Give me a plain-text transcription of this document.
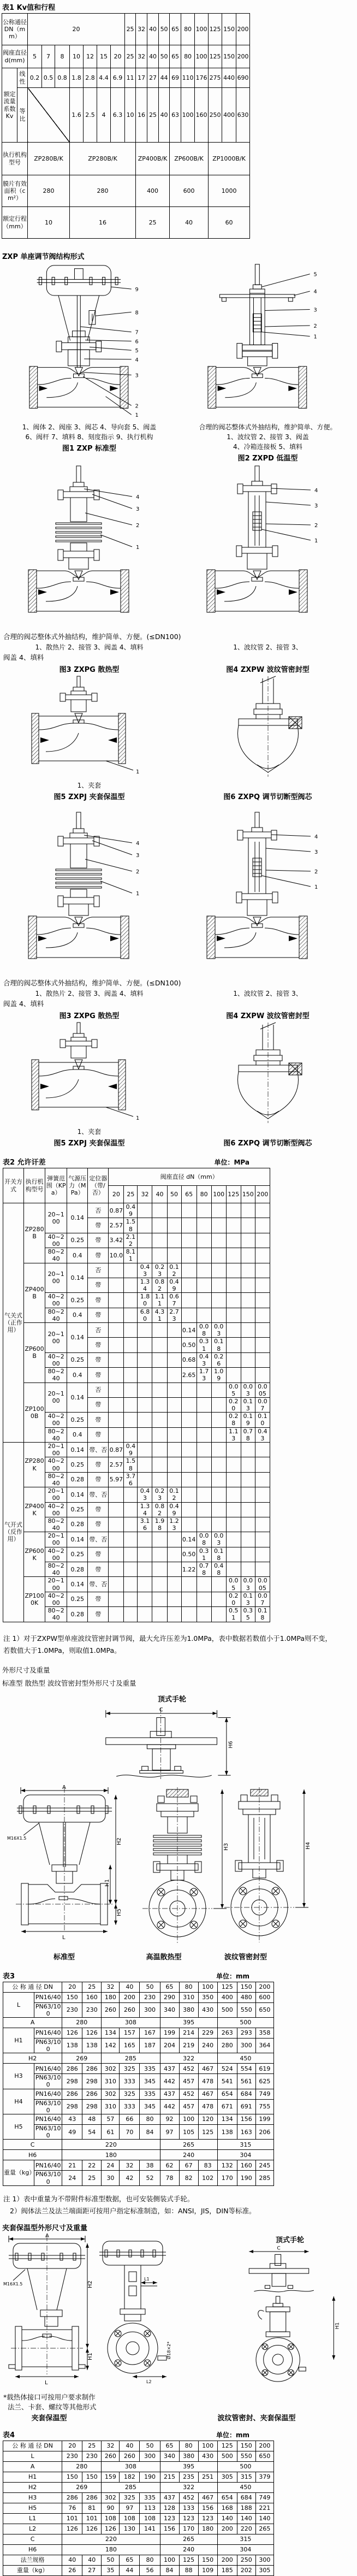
表1 Kv值和行程
公称通径DN（mm）		20							25	32	40	50	65	80	100	125	150	200
阀座直径d(mm)		5	7	8	10	12	15	20	25	32	40	50	65	80	100	125	150	200
额定流量系数Kv	线性	0.2	0.5	0.8	1.8	2.8	4.4	6.9	11	17	27	44	69	110	176	275	440	690
	等比				1.6	2.5	4	6.3	10	16	25	40	63	100	160	250	400	630
执行机构型号		ZP280B/K			ZP280B/K					ZP400B/K			ZP600B/K			ZP1000B/K		
膜片有效面积（cm²）		280			280					400			600			1000		
额定行程（mm）		10			16					25			40			60		
ZXP 单座调节阀结构形式
9
8
7
6
5
4
3
2
1

1、阀体 2、阀座 3、阀芯 4、导向套 5、阀盖

6、阀杆 7、填料 8、刻度指示 9、执行机构

图1 ZXP 标准型

5
4
3
2
1

合理的阀芯整体式外抽结构，维护简单、方便。

1、波纹管 2、接管 3、阀盖

4、冷箱连接板 5、填料

图2 ZXPD 低温型

4
3
2
1
4
3
2
1

合理的阀芯整体式外抽结构，维护简单、方便。(≤DN100)

1、散热片 2、接管 3、阀盖 4、填料	1、波纹管 2、接管 3、

阀盖 4、填料

图3 ZXPG 散热型	图4 ZXPW 波纹管密封型

1

1、夹套

图5 ZXPJ 夹套保温型	图6 ZXPQ 调节切断型阀芯

4
3
2
1
4
3
2
1

合理的阀芯整体式外抽结构，维护简单、方便。(≤DN100)

1、散热片 2、接管 3、阀盖 4、填料	1、波纹管 2、接管 3、

阀盖 4、填料

图3 ZXPG 散热型	图4 ZXPW 波纹管密封型

1

1、夹套

图5 ZXPJ 夹套保温型	图6 ZXPQ 调节切断型阀芯

表2 允许讦差	单位：MPa
开关方式	执行机构型号	弹簧范围（KPa）	气源压力（MPa）	定位器（带/否）	阀座直径 dN（mm）										
					20	25	32	40	50	65	80	100	125	150	200
气关式（正作用）	ZP280B	20~100	0.14	否	0.87	0.49									
				带	2.57	1.58									
		40~200	0.25	带	3.42	2.12									
		80~240	0.4	带	10.0	8.11									
	ZP400B	20~100	0.14	否			0.43	0.23	0.12						
				带			1.34	0.82	0.49						
		40~200	0.25	带			1.80	1.11	0.67						
		80~240	0.4	带			6.80	4.31	2.73						
	ZP600B	20~100	0.14	否						0.14	0.08	0.03			
				带						0.50	0.31	0.18			
		40~200	0.25	带						0.68	0.43	0.26			
		80~240	0.4	带						2.65	1.73	1.09			
	ZP1000B	20~100	0.14	否									0.05	0.03	0.005
				带									0.20	0.13	0.07
		40~200	0.25	带									0.28	0.19	0.10
		80~240	0.4	带									1.13	0.78	0.43
气开式（反作用）	ZP280K	20~100	0.14	带、否	0.87	0.49									
		40~200	0.25	带	2.57	1.58									
		80~240	0.28	带	5.97	3.76									
	ZP400K	20~100	0.14	带、否			0.43	0.23	0.12						
		40~200	0.25	带			1.34	0.82	0.49						
		80~240	0.28	带			3.16	1.98	1.23						
	ZP600K	20~100	0.14	带、否						0.14	0.08	0.03			
		40~200	0.25	带						0.50	0.31	0.18			
		80~240	0.28	带						1.22	0.78	0.48			
	ZP1000K	20~100	0.14	带、否									0.05	0.03	0.005
		40~200	0.25	带									0.20	0.13	0.07
		80~240	0.28	带									0.51	0.35	0.18

注 1）对于ZXPW型单座波纹管密封调节阀，最大允许压差为1.0MPa，表中数据若数值小于1.0MPa则不变，

若数值大于1.0MPa，则取值1.0MPa。

外形尺寸及重量

标准型 散热型 波纹管密封型外形尺寸及重量

顶式手轮
C
H6
A
M16X1.5
L
H2
H1
H5

标准型

H3

高温散热型

H4

波纹管密封型

表3	单位：mm
公 称 通 径 DN		20	25	32	40	50	65	80	100	125	150	200
L	PN16/40	150	160	180	200	230	290	310	350	400	480	600
	PN63/100	230	230	260	260	300	340	380	430	500	550	650
A		280		308			395			500		
H1	PN16/40	126	126	134	157	167	199	214	229	263	293	358
	PN63/100	138	138	142	165	187	204	219	240	280	300	364
H2		269		285			322			450		
H3	PN16/40	286	286	302	325	335	437	452	467	524	554	619
	PN63/100	298	298	310	333	345	442	457	478	541	561	625
H4	PN16/40	286	286	302	325	335	437	452	467	654	684	749
	PN63/100	298	298	310	333	345	442	457	478	671	691	755
H5	PN16/40	43	48	57	66	80	92	100	120	134	156	199
	PN63/100	49	54	61	70	84	97	105	125	138	163	206
C		220					265			315		
H6		180					240			304		
重量（kg）	PN16/40	21	22	24	32	38	62	67	83	132	160	245
	PN63/100	24	25	30	42	52	78	82	102	170	190	285

注 1）表中重量为不带附件标准型数据，也可安装侧装式手轮。

2）阀体法兰及法兰端面距可按用户指定标准制造，如：ANSI，JIS，DIN等标准。

夹套保温型外形尺寸及重量

A
M16X1.5
L
H2
H1
L1
Ø18×2*
L2
顶式手轮
C
H1

*载热体接口可按用户要求制作

法兰、卡套、螺纹等其他形式

夹套保温型	波纹管密封、夹套保温型

表4	单位：mm
公 称 通 径 DN	20	25	32	40	50	65	80	100	125	150	200
L	230	230	260	260	300	340	380	430	500	550	650
A	280		308			395			500		
H1	150	150	159	182	190	215	235	251	305	315	379
H2	269		285			322			450		
H3	286	286	302	325	335	437	452	467	654	684	749
H5	76	81	90	97	113	128	133	156	168	188	221
L1	101	101	108	108	108	123	123	123	140	140	140
L2	126	126	126	130	141	156	170	180	200	220	265
C	220					265			315		
H6	180					240			304		
法兰规格	40	40	50	65	80	100	125	150	200	250	300
重量（kg）	26	27	35	44	56	84	88	109	185	202	305
